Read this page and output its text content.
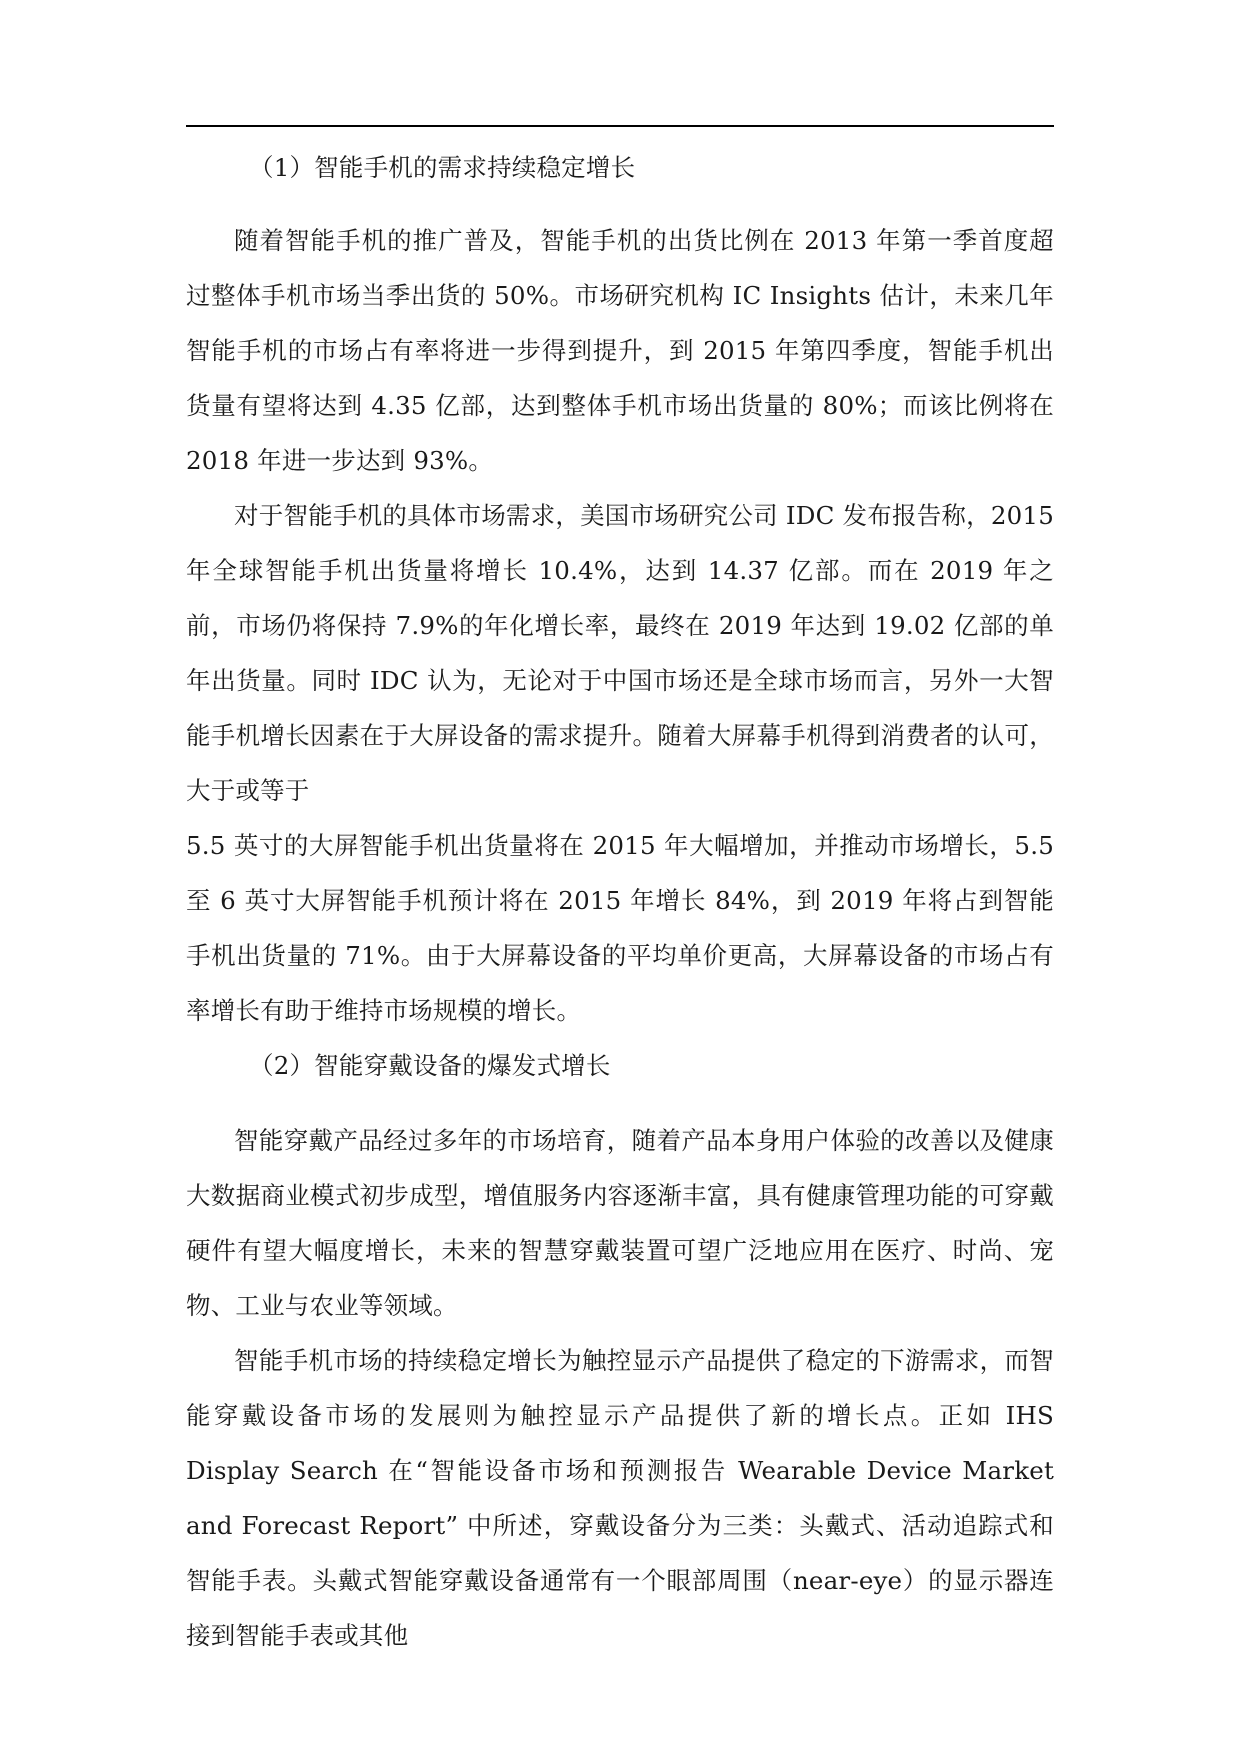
（1）智能手机的需求持续稳定增长

随着智能手机的推广普及，智能手机的出货比例在 2013 年第一季首度超过整体手机市场当季出货的 50%。市场研究机构 IC Insights 估计，未来几年智能手机的市场占有率将进一步得到提升，到 2015 年第四季度，智能手机出货量有望将达到 4.35 亿部，达到整体手机市场出货量的 80%；而该比例将在 2018 年进一步达到 93%。

对于智能手机的具体市场需求，美国市场研究公司 IDC 发布报告称，2015 年全球智能手机出货量将增长 10.4%，达到 14.37 亿部。而在 2019 年之前，市场仍将保持 7.9%的年化增长率，最终在 2019 年达到 19.02 亿部的单年出货量。同时 IDC 认为，无论对于中国市场还是全球市场而言，另外一大智能手机增长因素在于大屏设备的需求提升。随着大屏幕手机得到消费者的认可，大于或等于

5.5 英寸的大屏智能手机出货量将在 2015 年大幅增加，并推动市场增长，5.5 至 6 英寸大屏智能手机预计将在 2015 年增长 84%，到 2019 年将占到智能手机出货量的 71%。由于大屏幕设备的平均单价更高，大屏幕设备的市场占有率增长有助于维持市场规模的增长。

（2）智能穿戴设备的爆发式增长

智能穿戴产品经过多年的市场培育，随着产品本身用户体验的改善以及健康大数据商业模式初步成型，增值服务内容逐渐丰富，具有健康管理功能的可穿戴硬件有望大幅度增长，未来的智慧穿戴装置可望广泛地应用在医疗、时尚、宠物、工业与农业等领域。

智能手机市场的持续稳定增长为触控显示产品提供了稳定的下游需求，而智能穿戴设备市场的发展则为触控显示产品提供了新的增长点。正如 IHS Display Search 在“智能设备市场和预测报告 Wearable Device Market and Forecast Report” 中所述，穿戴设备分为三类：头戴式、活动追踪式和智能手表。头戴式智能穿戴设备通常有一个眼部周围（near-eye）的显示器连接到智能手表或其他
